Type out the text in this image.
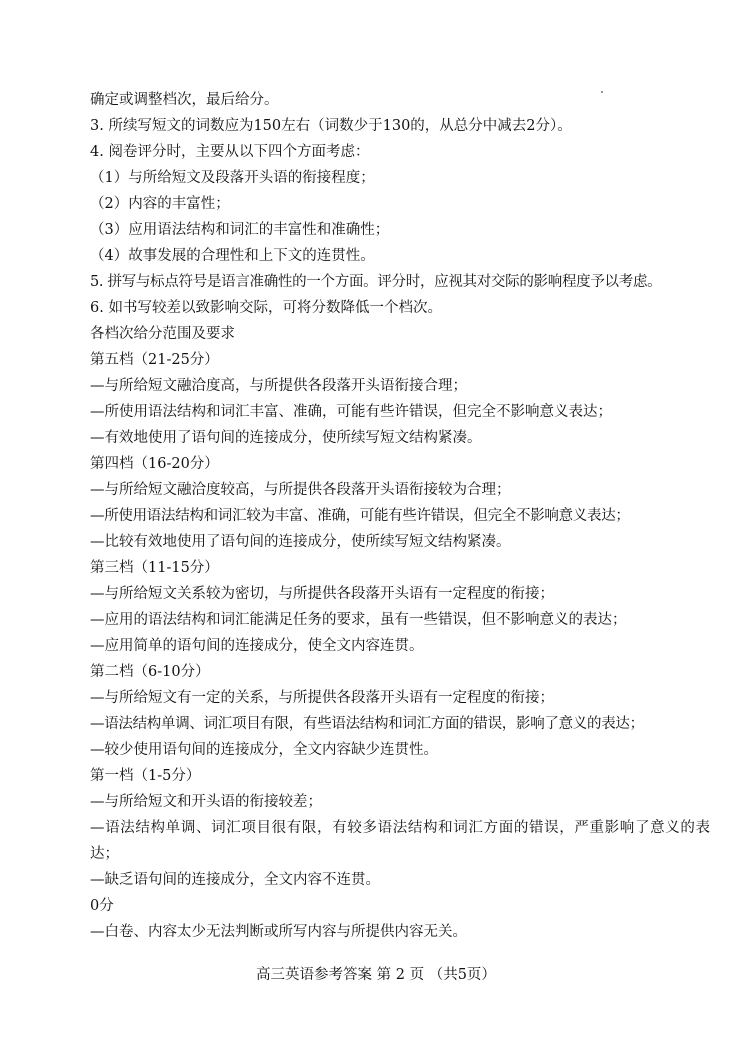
确定或调整档次，最后给分。
3. 所续写短文的词数应为150左右（词数少于130的，从总分中减去2分）。
4. 阅卷评分时，主要从以下四个方面考虑：
（1）与所给短文及段落开头语的衔接程度；
（2）内容的丰富性；
（3）应用语法结构和词汇的丰富性和准确性；
（4）故事发展的合理性和上下文的连贯性。
5. 拼写与标点符号是语言准确性的一个方面。评分时，应视其对交际的影响程度予以考虑。
6. 如书写较差以致影响交际，可将分数降低一个档次。
各档次给分范围及要求
第五档（21-25分）
—与所给短文融洽度高，与所提供各段落开头语衔接合理；
—所使用语法结构和词汇丰富、准确，可能有些许错误，但完全不影响意义表达；
—有效地使用了语句间的连接成分，使所续写短文结构紧凑。
第四档（16-20分）
—与所给短文融洽度较高，与所提供各段落开头语衔接较为合理；
—所使用语法结构和词汇较为丰富、准确，可能有些许错误，但完全不影响意义表达；
—比较有效地使用了语句间的连接成分，使所续写短文结构紧凑。
第三档（11-15分）
—与所给短文关系较为密切，与所提供各段落开头语有一定程度的衔接；
—应用的语法结构和词汇能满足任务的要求，虽有一些错误，但不影响意义的表达；
—应用简单的语句间的连接成分，使全文内容连贯。
第二档（6-10分）
—与所给短文有一定的关系，与所提供各段落开头语有一定程度的衔接；
—语法结构单调、词汇项目有限，有些语法结构和词汇方面的错误，影响了意义的表达；
—较少使用语句间的连接成分，全文内容缺少连贯性。
第一档（1-5分）
—与所给短文和开头语的衔接较差；
—语法结构单调、词汇项目很有限，有较多语法结构和词汇方面的错误，严重影响了意义的表达；
—缺乏语句间的连接成分，全文内容不连贯。
0分
—白卷、内容太少无法判断或所写内容与所提供内容无关。
高三英语参考答案 第 2 页 （共5页）
